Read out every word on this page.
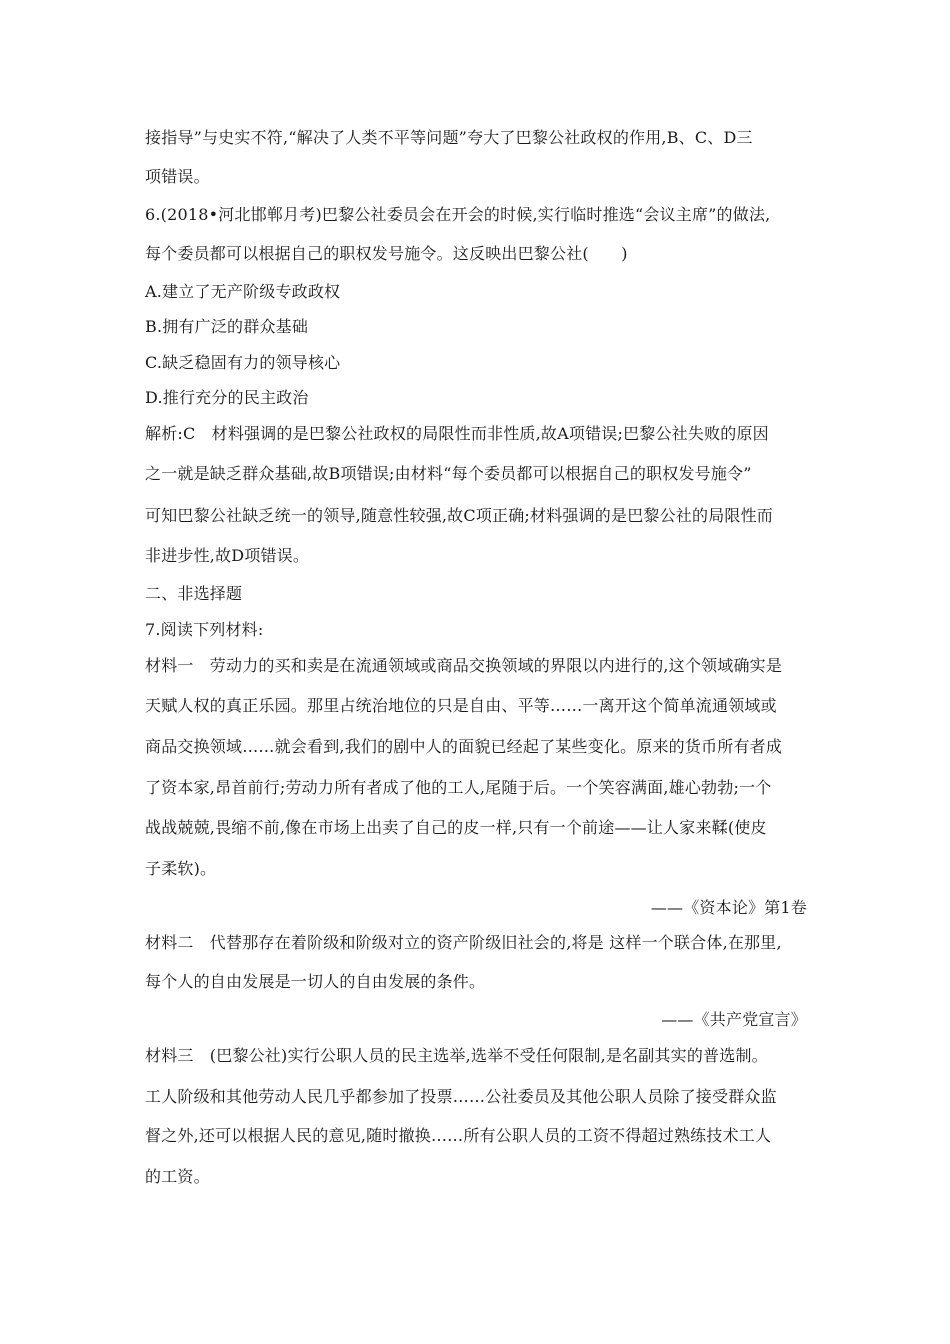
接指导”与史实不符,“解决了人类不平等问题”夸大了巴黎公社政权的作用,B、C、D三
项错误。
6.(2018•河北邯郸月考)巴黎公社委员会在开会的时候,实行临时推选“会议主席”的做法,
每个委员都可以根据自己的职权发号施令。这反映出巴黎公社(　　)
A.建立了无产阶级专政政权
B.拥有广泛的群众基础
C.缺乏稳固有力的领导核心
D.推行充分的民主政治
解析:C　材料强调的是巴黎公社政权的局限性而非性质,故A项错误;巴黎公社失败的原因
之一就是缺乏群众基础,故B项错误;由材料“每个委员都可以根据自己的职权发号施令”
可知巴黎公社缺乏统一的领导,随意性较强,故C项正确;材料强调的是巴黎公社的局限性而
非进步性,故D项错误。
二、非选择题
7.阅读下列材料:
材料一　劳动力的买和卖是在流通领域或商品交换领域的界限以内进行的,这个领域确实是
天赋人权的真正乐园。那里占统治地位的只是自由、平等……一离开这个简单流通领域或
商品交换领域……就会看到,我们的剧中人的面貌已经起了某些变化。原来的货币所有者成
了资本家,昂首前行;劳动力所有者成了他的工人,尾随于后。一个笑容满面,雄心勃勃;一个
战战兢兢,畏缩不前,像在市场上出卖了自己的皮一样,只有一个前途——让人家来鞣(使皮
子柔软)。
——《资本论》第1卷
材料二　代替那存在着阶级和阶级对立的资产阶级旧社会的,将是 这样一个联合体,在那里,
每个人的自由发展是一切人的自由发展的条件。
——《共产党宣言》
材料三　(巴黎公社)实行公职人员的民主选举,选举不受任何限制,是名副其实的普选制。
工人阶级和其他劳动人民几乎都参加了投票……公社委员及其他公职人员除了接受群众监
督之外,还可以根据人民的意见,随时撤换……所有公职人员的工资不得超过熟练技术工人
的工资。
